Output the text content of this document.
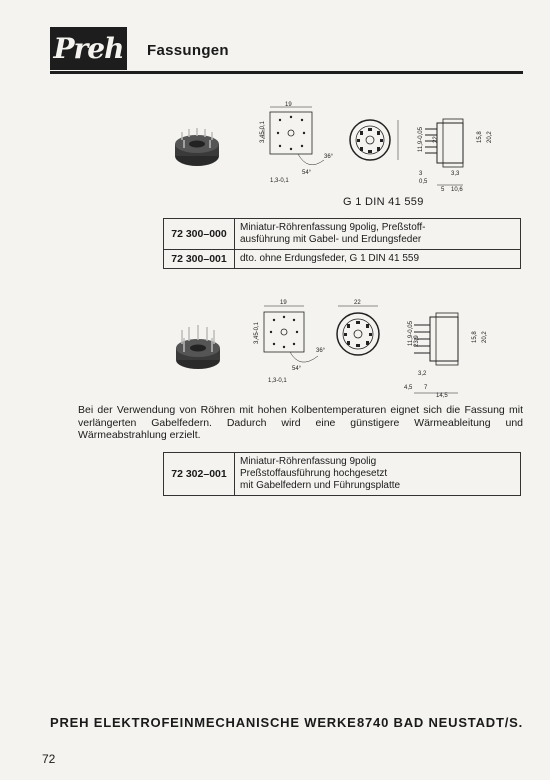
Preh Fassungen
19
3,45-0,1
54°
36°
1,3-0,1
11,9-0,05 22	15,8 20,2
3
0,5
3,3
5 10,6
G 1 DIN 41 559
72 300–000	Miniatur-Röhrenfassung 9polig, Preßstoff-
ausführung mit Gabel- und Erdungsfeder
72 300–001	dto. ohne Erdungsfeder, G 1 DIN 41 559
19
3,45-0,1
54°
36°
1,3-0,1
22
11,9-0,05 23,9	15,8 20,2
3,2
4,5 7
14,5
Bei der Verwendung von Röhren mit hohen Kolbentemperaturen eignet sich die Fassung mit verlängerten Gabelfedern. Dadurch wird eine günstigere Wärmeableitung und Wärmeabstrahlung erzielt.
72 302–001	Miniatur-Röhrenfassung 9polig
Preßstoffausführung hochgesetzt
mit Gabelfedern und Führungsplatte
PREH ELEKTROFEINMECHANISCHE WERKE 8740 BAD NEUSTADT/S.
72
